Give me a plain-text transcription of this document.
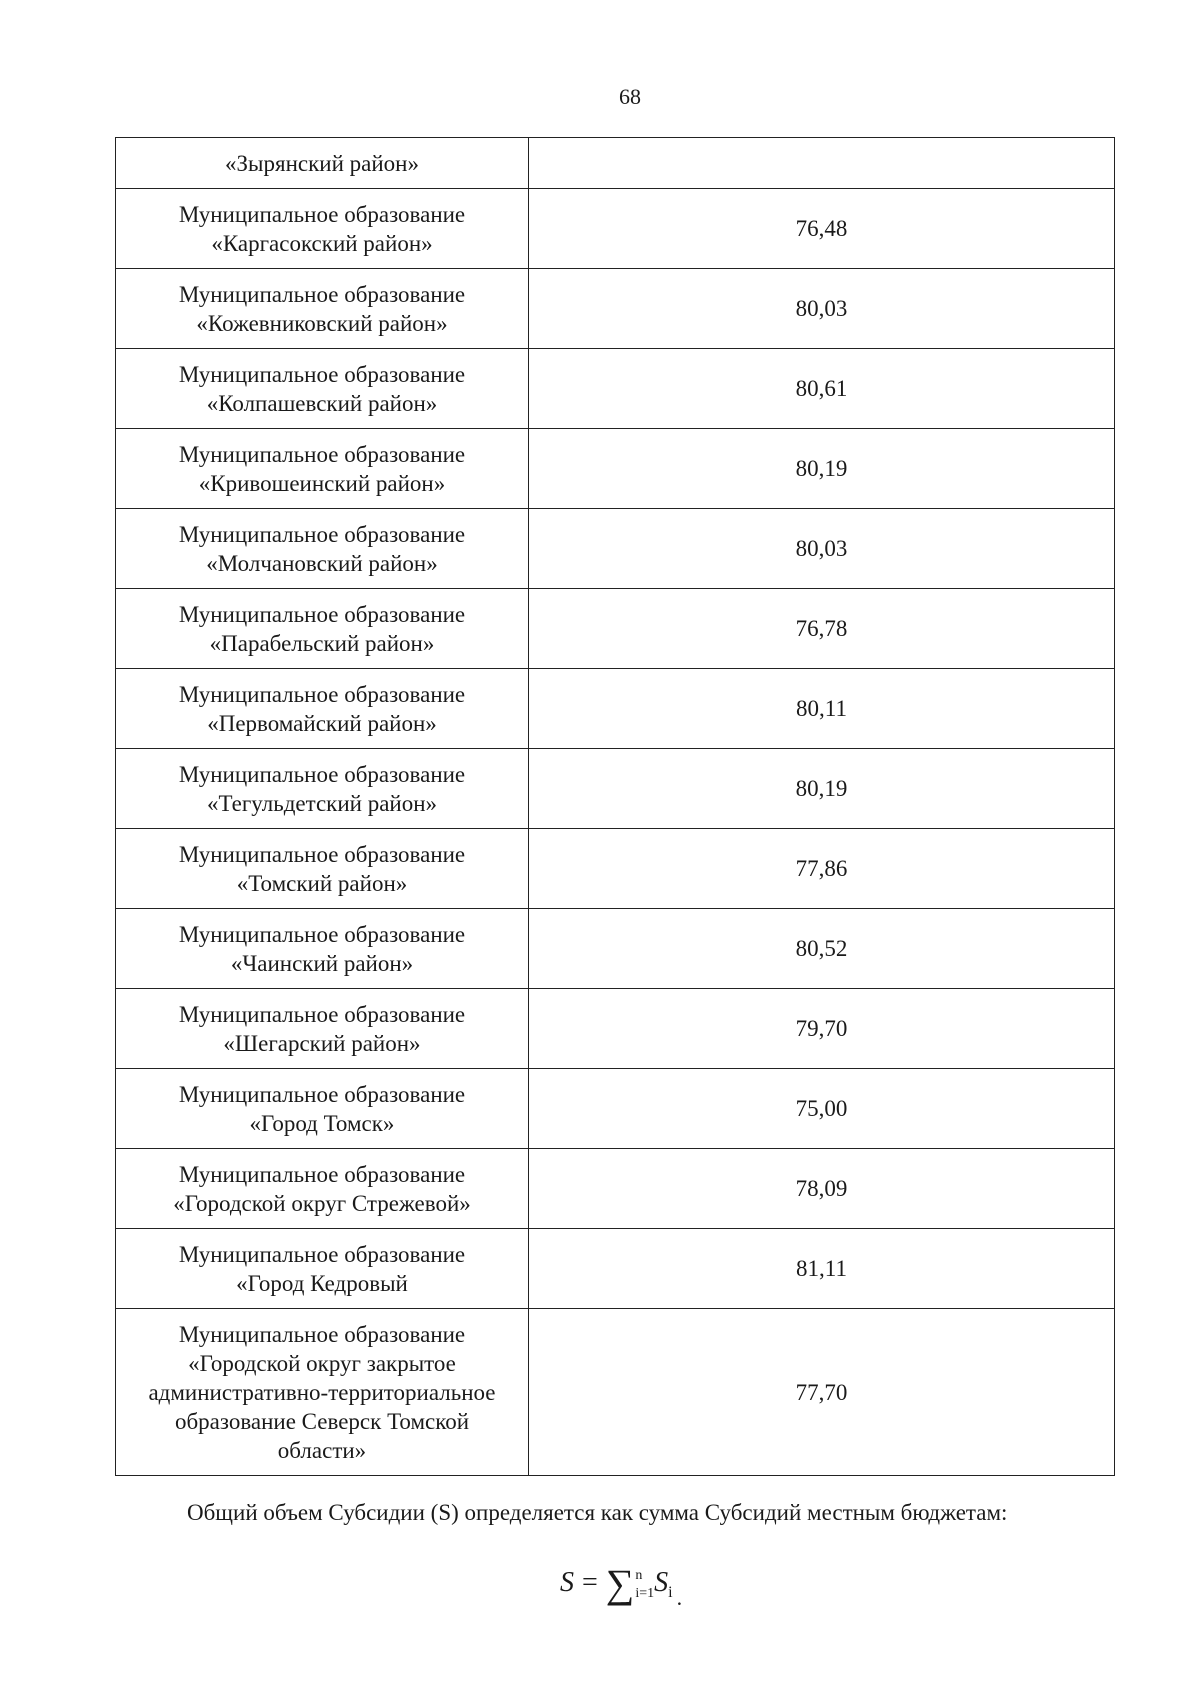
68
«Зырянский район»	

Муниципальное образование
«Каргасокский район»	76,48

Муниципальное образование
«Кожевниковский район»	80,03

Муниципальное образование
«Колпашевский район»	80,61

Муниципальное образование
«Кривошеинский район»	80,19

Муниципальное образование
«Молчановский район»	80,03

Муниципальное образование
«Парабельский район»	76,78

Муниципальное образование
«Первомайский район»	80,11

Муниципальное образование
«Тегульдетский район»	80,19

Муниципальное образование
«Томский район»	77,86

Муниципальное образование
«Чаинский район»	80,52

Муниципальное образование
«Шегарский район»	79,70

Муниципальное образование
«Город Томск»	75,00

Муниципальное образование
«Городской округ Стрежевой»	78,09

Муниципальное образование
«Город Кедровый	81,11

Муниципальное образование
«Городской округ закрытое
административно-территориальное
образование Северск Томской
области»	77,70
Общий объем Субсидии (S) определяется как сумма Субсидий местным бюджетам:
S = ∑ n
i=1 $S_i$ $_.$
